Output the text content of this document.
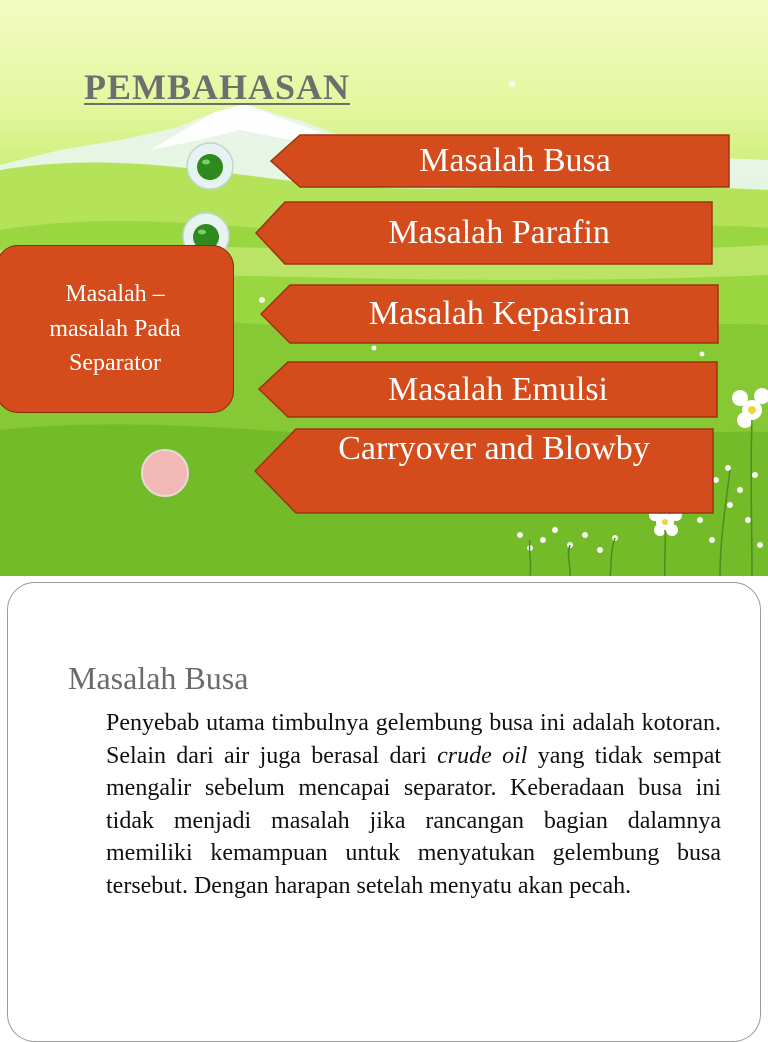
PEMBAHASAN
Masalah Busa
Masalah Parafin
Masalah Kepasiran
Masalah Emulsi
Carryover and Blowby
Masalah –
masalah Pada
Separator
Masalah Busa
Penyebab utama timbulnya gelembung busa ini adalah kotoran. Selain dari air juga berasal dari crude oil yang tidak sempat mengalir sebelum mencapai separator. Keberadaan busa ini tidak menjadi masalah jika rancangan bagian dalamnya memiliki kemampuan untuk menyatukan gelembung busa tersebut. Dengan harapan setelah menyatu akan pecah.
